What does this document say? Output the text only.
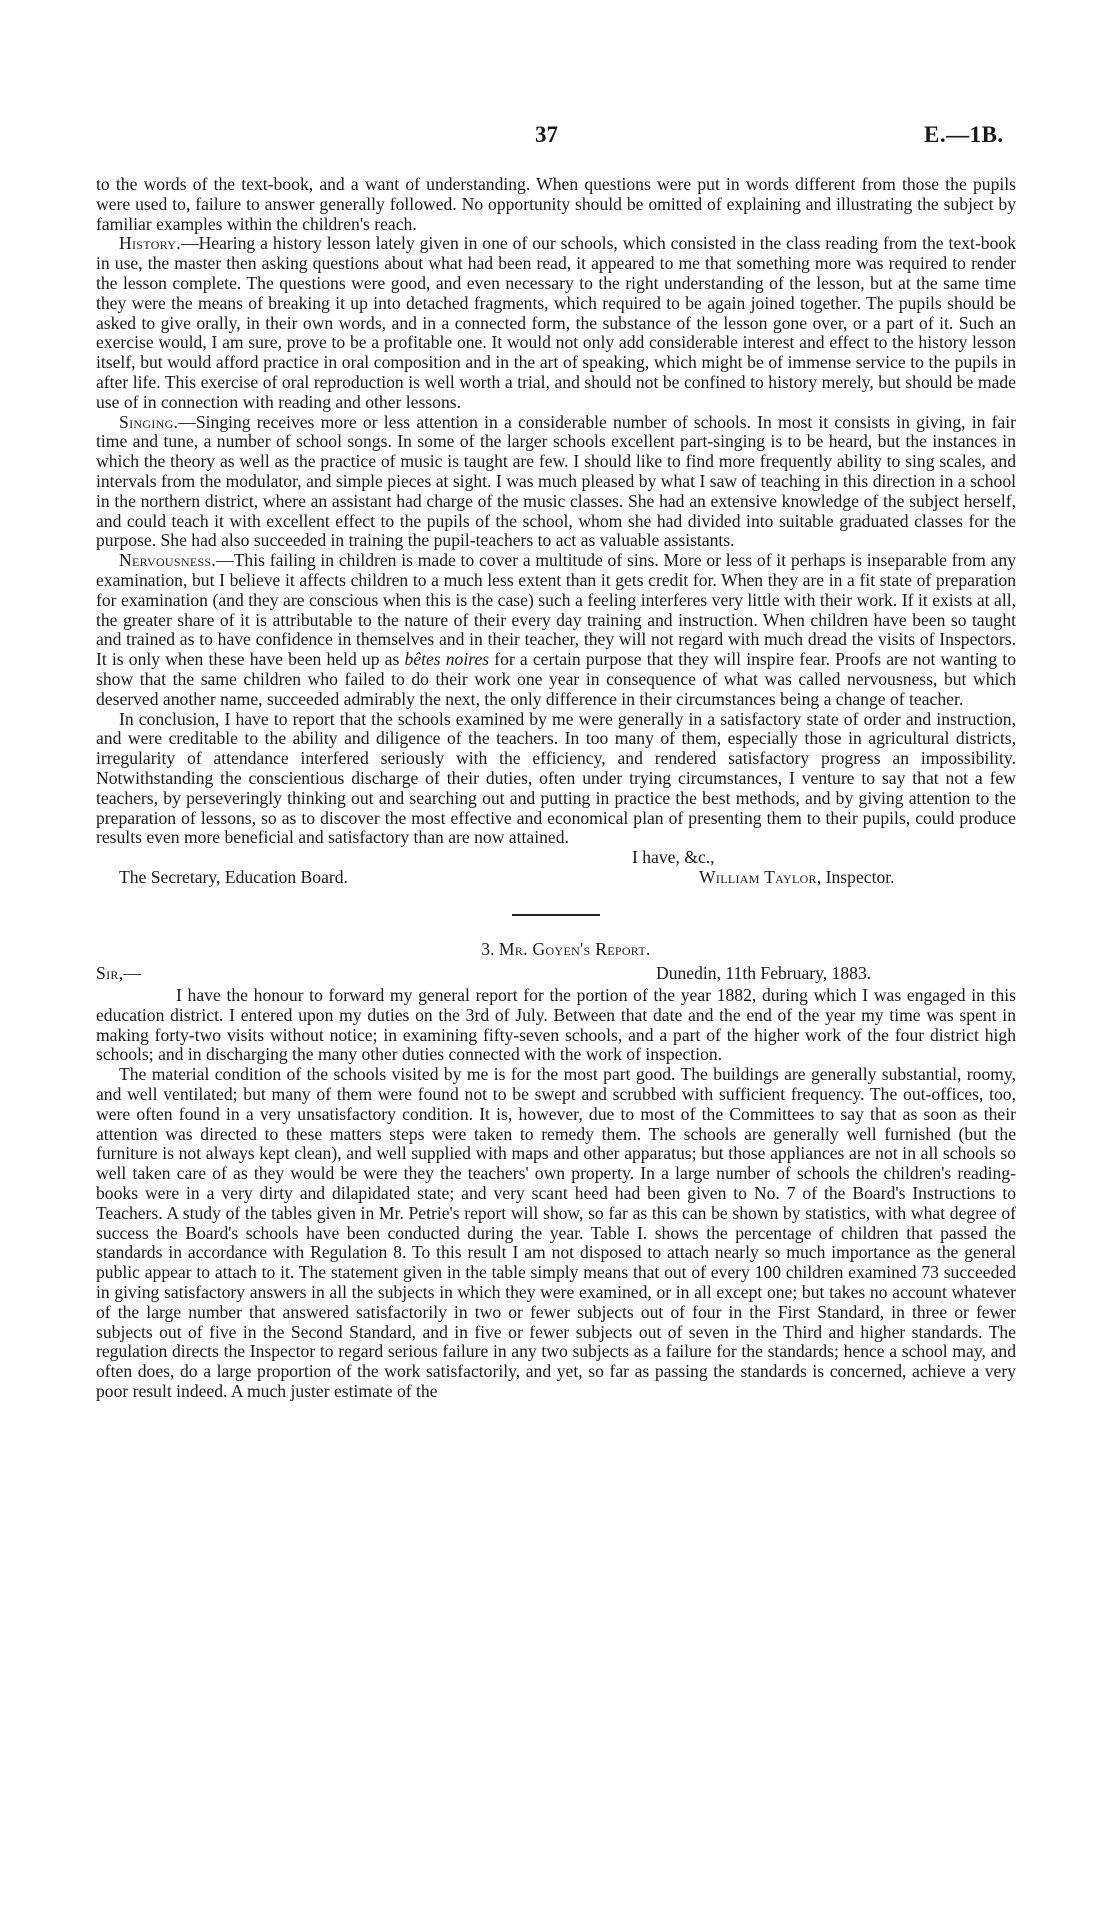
37	E.—1B.

to the words of the text-book, and a want of understanding. When questions were put in words different from those the pupils were used to, failure to answer generally followed. No opportunity should be omitted of explaining and illustrating the subject by familiar examples within the children's reach.

History.—Hearing a history lesson lately given in one of our schools, which consisted in the class reading from the text-book in use, the master then asking questions about what had been read, it appeared to me that something more was required to render the lesson complete. The questions were good, and even necessary to the right understanding of the lesson, but at the same time they were the means of breaking it up into detached fragments, which required to be again joined together. The pupils should be asked to give orally, in their own words, and in a connected form, the substance of the lesson gone over, or a part of it. Such an exercise would, I am sure, prove to be a profitable one. It would not only add considerable interest and effect to the history lesson itself, but would afford practice in oral composition and in the art of speaking, which might be of immense service to the pupils in after life. This exercise of oral reproduction is well worth a trial, and should not be confined to history merely, but should be made use of in connection with reading and other lessons.

Singing.—Singing receives more or less attention in a considerable number of schools. In most it consists in giving, in fair time and tune, a number of school songs. In some of the larger schools excellent part-singing is to be heard, but the instances in which the theory as well as the practice of music is taught are few. I should like to find more frequently ability to sing scales, and intervals from the modulator, and simple pieces at sight. I was much pleased by what I saw of teaching in this direction in a school in the northern district, where an assistant had charge of the music classes. She had an extensive knowledge of the subject herself, and could teach it with excellent effect to the pupils of the school, whom she had divided into suitable graduated classes for the purpose. She had also succeeded in training the pupil-teachers to act as valuable assistants.

Nervousness.—This failing in children is made to cover a multitude of sins. More or less of it perhaps is inseparable from any examination, but I believe it affects children to a much less extent than it gets credit for. When they are in a fit state of preparation for examination (and they are conscious when this is the case) such a feeling interferes very little with their work. If it exists at all, the greater share of it is attributable to the nature of their every day training and instruction. When children have been so taught and trained as to have confidence in themselves and in their teacher, they will not regard with much dread the visits of Inspectors. It is only when these have been held up as bêtes noires for a certain purpose that they will inspire fear. Proofs are not wanting to show that the same children who failed to do their work one year in consequence of what was called nervousness, but which deserved another name, succeeded admirably the next, the only difference in their circumstances being a change of teacher.

In conclusion, I have to report that the schools examined by me were generally in a satisfactory state of order and instruction, and were creditable to the ability and diligence of the teachers. In too many of them, especially those in agricultural districts, irregularity of attendance interfered seriously with the efficiency, and rendered satisfactory progress an impossibility. Notwithstanding the conscientious discharge of their duties, often under trying circumstances, I venture to say that not a few teachers, by perseveringly thinking out and searching out and putting in practice the best methods, and by giving attention to the preparation of lessons, so as to discover the most effective and economical plan of presenting them to their pupils, could produce results even more beneficial and satisfactory than are now attained.

I have, &c.,
The Secretary, Education Board.	William Taylor, Inspector.
3. Mr. Goyen's Report.
Sir,—	Dunedin, 11th February, 1883.

I have the honour to forward my general report for the portion of the year 1882, during which I was engaged in this education district. I entered upon my duties on the 3rd of July. Between that date and the end of the year my time was spent in making forty-two visits without notice; in examining fifty-seven schools, and a part of the higher work of the four district high schools; and in discharging the many other duties connected with the work of inspection.

The material condition of the schools visited by me is for the most part good. The buildings are generally substantial, roomy, and well ventilated; but many of them were found not to be swept and scrubbed with sufficient frequency. The out-offices, too, were often found in a very unsatisfactory condition. It is, however, due to most of the Committees to say that as soon as their attention was directed to these matters steps were taken to remedy them. The schools are generally well furnished (but the furniture is not always kept clean), and well supplied with maps and other apparatus; but those appliances are not in all schools so well taken care of as they would be were they the teachers' own property. In a large number of schools the children's reading-books were in a very dirty and dilapidated state; and very scant heed had been given to No. 7 of the Board's Instructions to Teachers. A study of the tables given in Mr. Petrie's report will show, so far as this can be shown by statistics, with what degree of success the Board's schools have been conducted during the year. Table I. shows the percentage of children that passed the standards in accordance with Regulation 8. To this result I am not disposed to attach nearly so much importance as the general public appear to attach to it. The statement given in the table simply means that out of every 100 children examined 73 succeeded in giving satisfactory answers in all the subjects in which they were examined, or in all except one; but takes no account whatever of the large number that answered satisfactorily in two or fewer subjects out of four in the First Standard, in three or fewer subjects out of five in the Second Standard, and in five or fewer subjects out of seven in the Third and higher standards. The regulation directs the Inspector to regard serious failure in any two subjects as a failure for the standards; hence a school may, and often does, do a large proportion of the work satisfactorily, and yet, so far as passing the standards is concerned, achieve a very poor result indeed. A much juster estimate of the
